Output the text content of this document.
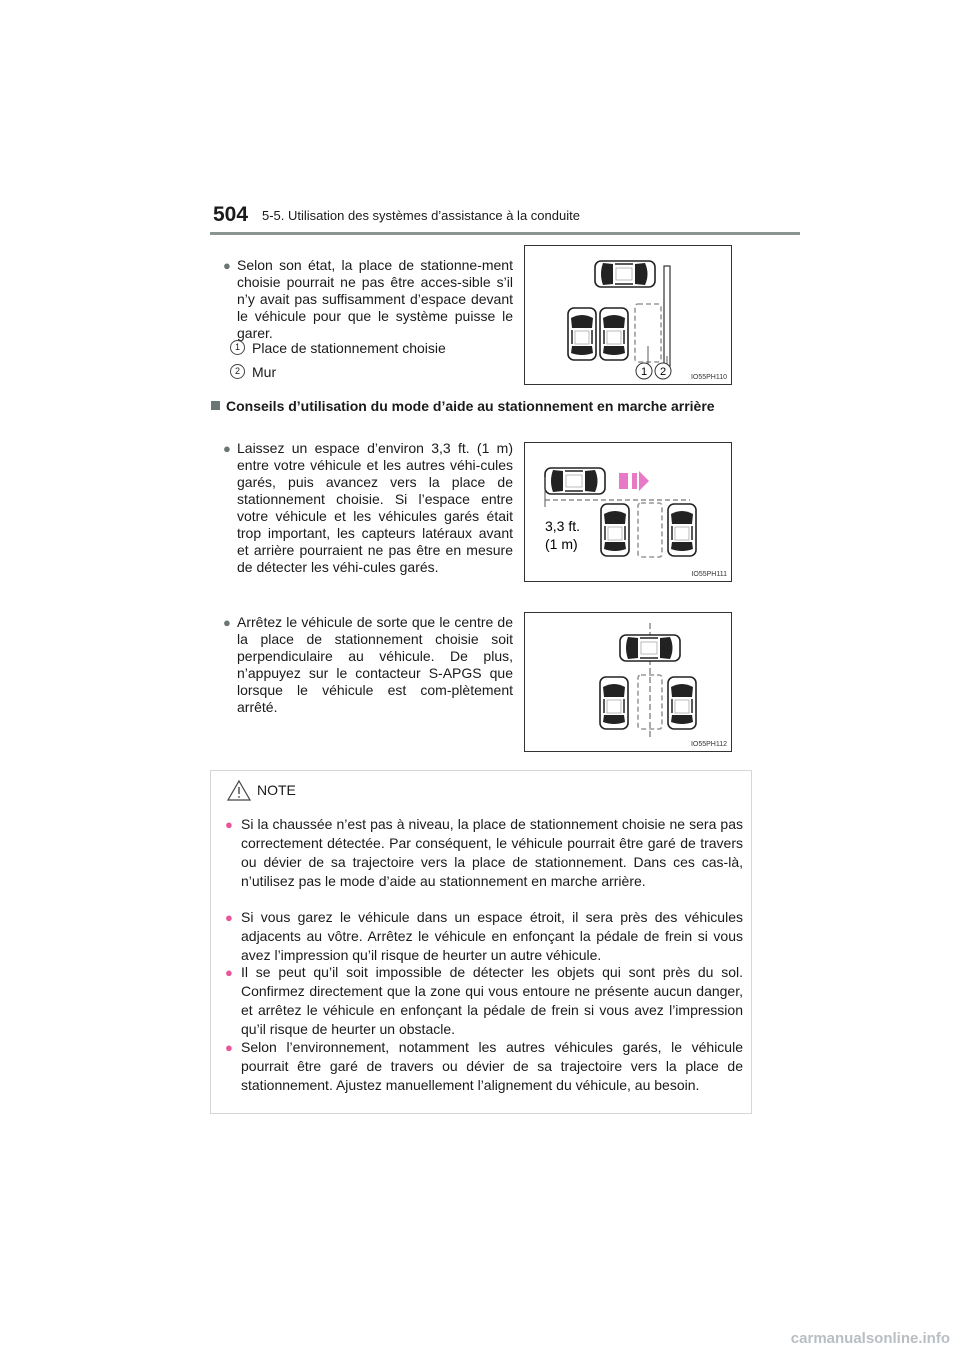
504 5-5. Utilisation des systèmes d’assistance à la conduite
● Selon son état, la place de stationne-ment choisie pourrait ne pas être acces-sible s’il n’y avait pas suffisamment d’espace devant le véhicule pour que le système puisse le garer.
1 Place de stationnement choisie
2 Mur	1 2	IO55PH110
Conseils d’utilisation du mode d’aide au stationnement en marche arrière
● Laissez un espace d’environ 3,3 ft. (1 m) entre votre véhicule et les autres véhi-cules garés, puis avancez vers la place de stationnement choisie. Si l’espace entre votre véhicule et les véhicules garés était trop important, les capteurs latéraux avant et arrière pourraient ne pas être en mesure de détecter les véhi-cules garés.
3,3 ft.
(1 m)
IO55PH111
● Arrêtez le véhicule de sorte que le centre de la place de stationnement choisie soit perpendiculaire au véhicule. De plus, n’appuyez sur le contacteur S-APGS que lorsque le véhicule est com-plètement arrêté.
IO55PH112
NOTE
● Si la chaussée n’est pas à niveau, la place de stationnement choisie ne sera pas correctement détectée. Par conséquent, le véhicule pourrait être garé de travers ou dévier de sa trajectoire vers la place de stationnement. Dans ces cas-là, n’utilisez pas le mode d’aide au stationnement en marche arrière.
● Si vous garez le véhicule dans un espace étroit, il sera près des véhicules adjacents au vôtre. Arrêtez le véhicule en enfonçant la pédale de frein si vous avez l’impression qu’il risque de heurter un autre véhicule.
● Il se peut qu’il soit impossible de détecter les objets qui sont près du sol. Confirmez directement que la zone qui vous entoure ne présente aucun danger, et arrêtez le véhicule en enfonçant la pédale de frein si vous avez l’impression qu’il risque de heurter un obstacle.
● Selon l’environnement, notamment les autres véhicules garés, le véhicule pourrait être garé de travers ou dévier de sa trajectoire vers la place de stationnement. Ajustez manuellement l’alignement du véhicule, au besoin.
carmanualsonline.info
